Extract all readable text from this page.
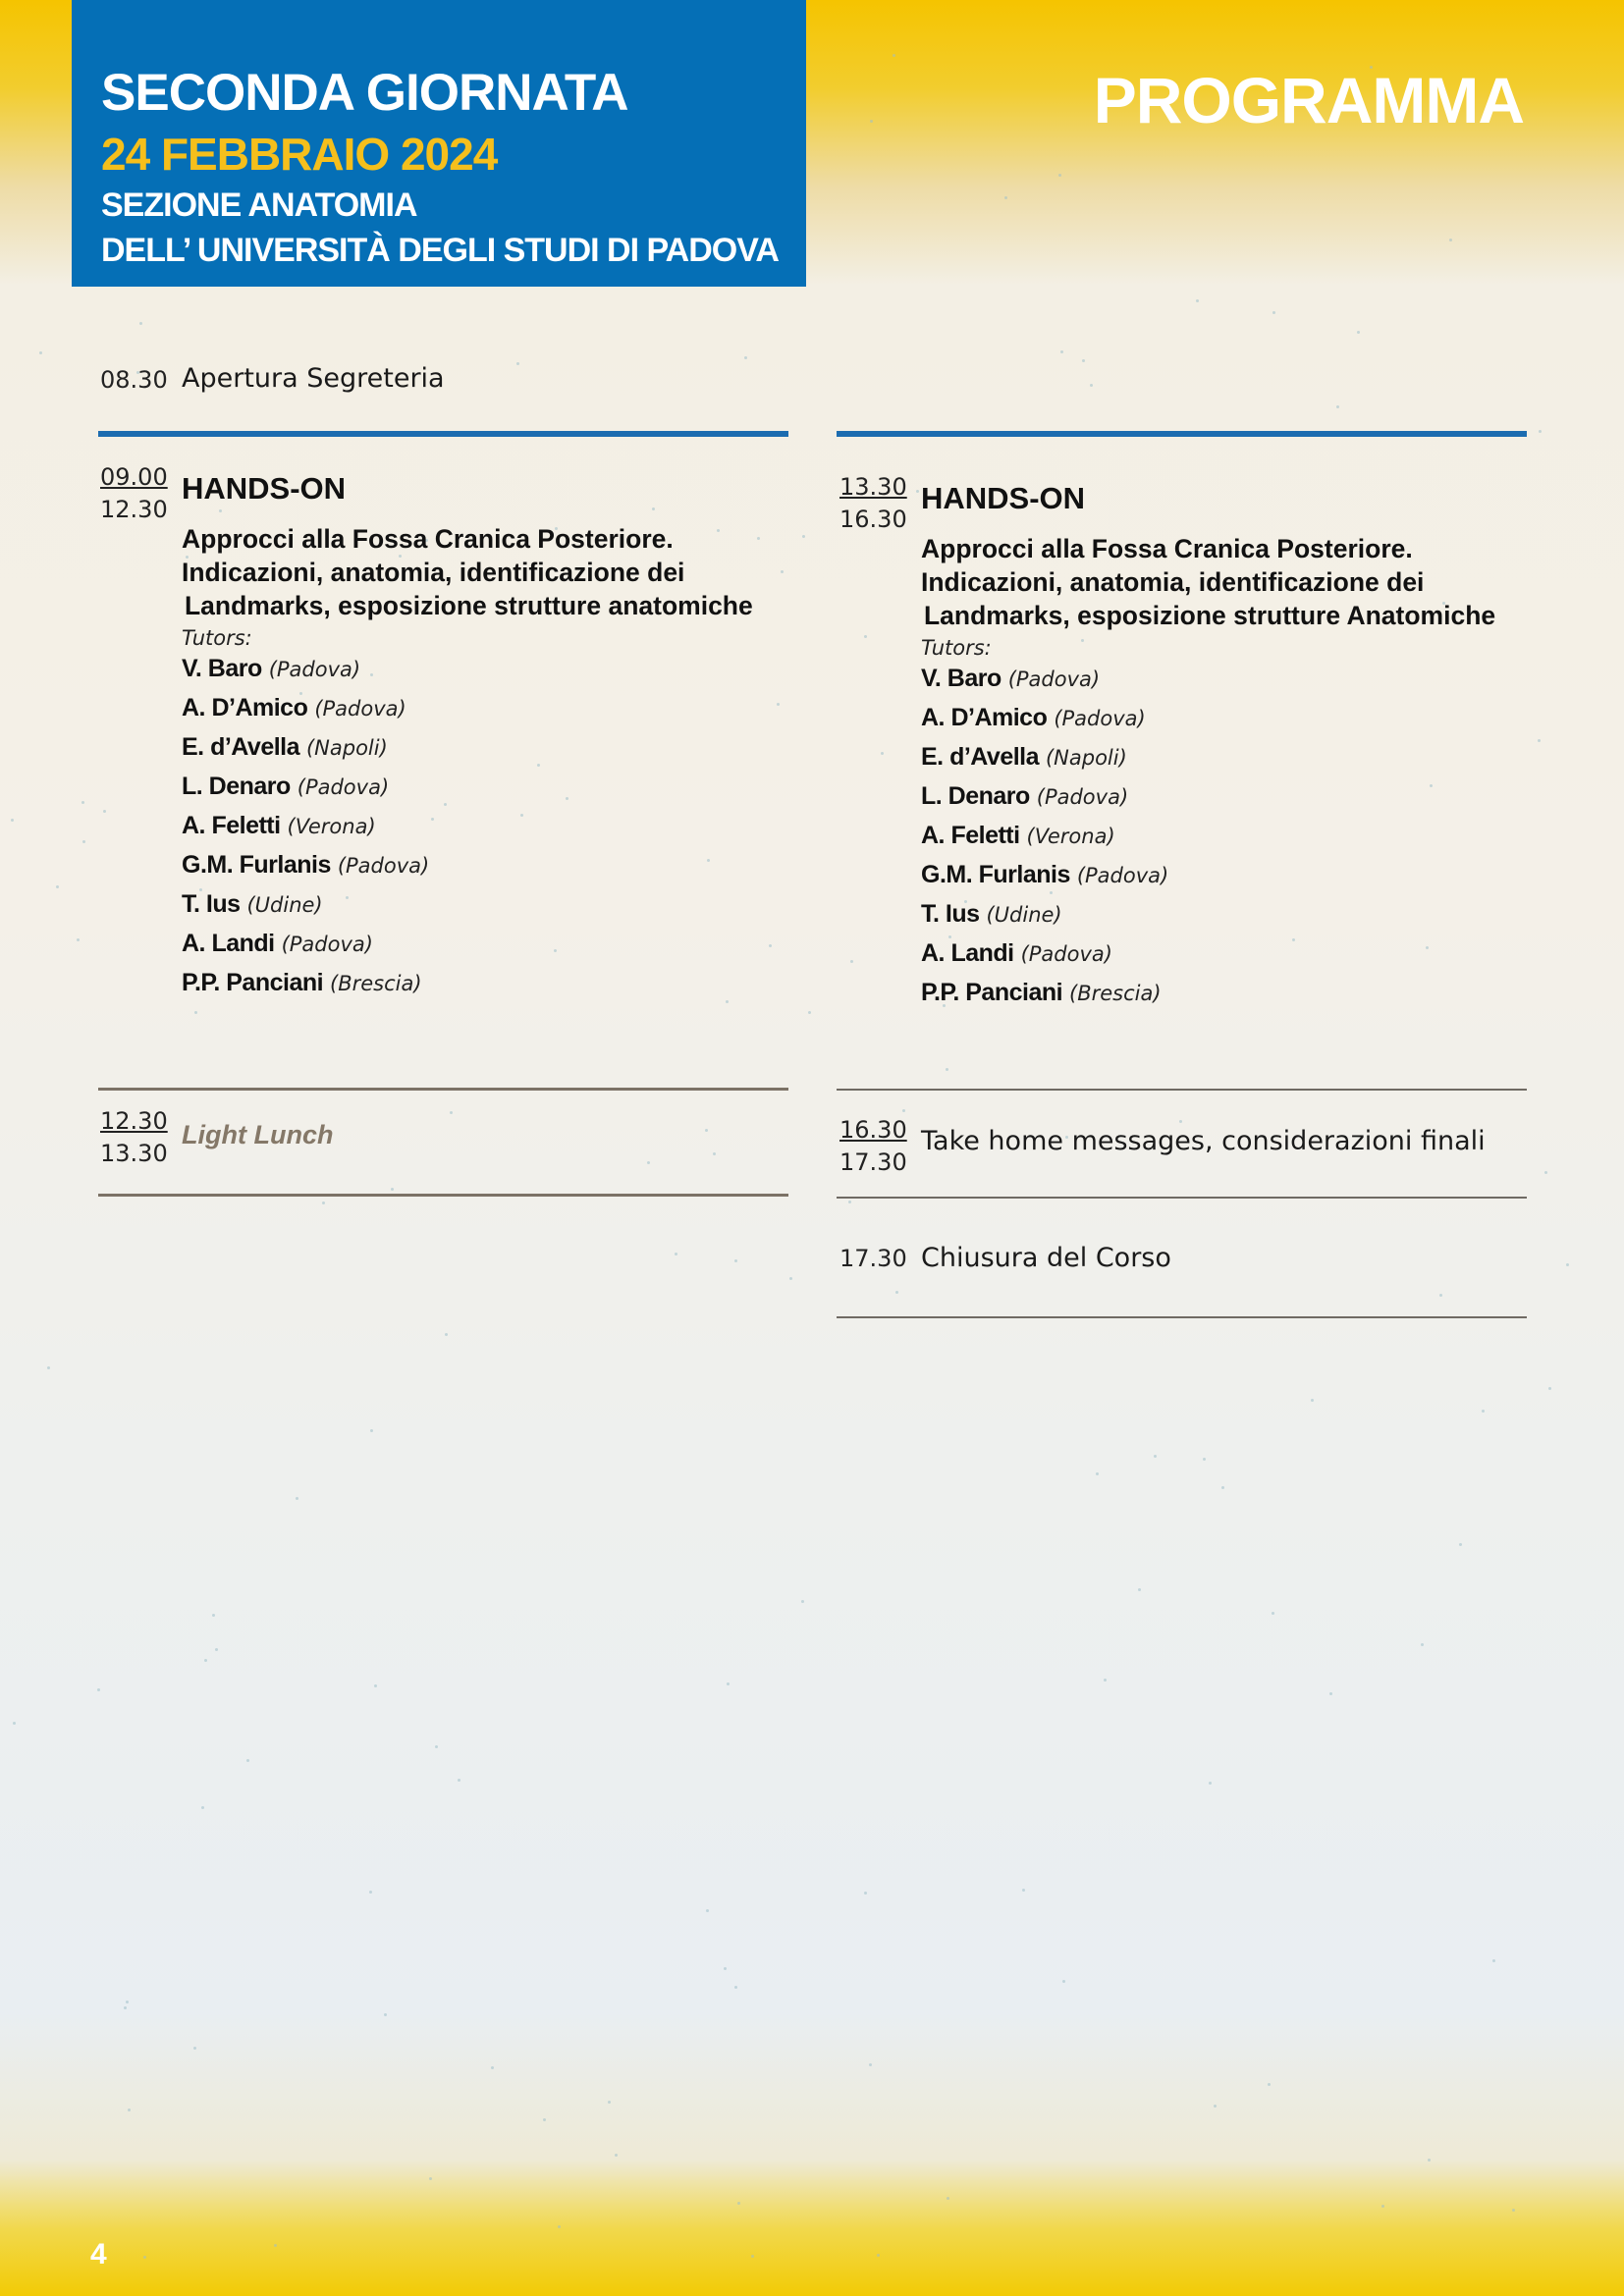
SECONDA GIORNATA
24 FEBBRAIO 2024
SEZIONE ANATOMIA
DELL’ UNIVERSITÀ DEGLI STUDI DI PADOVA
PROGRAMMA
08.30 Apertura Segreteria
09.00
12.30
HANDS-ON
Approcci alla Fossa Cranica Posteriore.
Indicazioni, anatomia, identificazione dei
Landmarks, esposizione strutture anatomiche
Tutors:
V. Baro (Padova)
A. D’Amico (Padova)
E. d’Avella (Napoli)
L. Denaro (Padova)
A. Feletti (Verona)
G.M. Furlanis (Padova)
T. Ius (Udine)
A. Landi (Padova)
P.P. Panciani (Brescia)
13.30
16.30
HANDS-ON
Approcci alla Fossa Cranica Posteriore.
Indicazioni, anatomia, identificazione dei
Landmarks, esposizione strutture Anatomiche
Tutors:
V. Baro (Padova)
A. D’Amico (Padova)
E. d’Avella (Napoli)
L. Denaro (Padova)
A. Feletti (Verona)
G.M. Furlanis (Padova)
T. Ius (Udine)
A. Landi (Padova)
P.P. Panciani (Brescia)
12.30
13.30
Light Lunch	16.30
17.30
Take home messages, considerazioni finali
17.30 Chiusura del Corso
4
